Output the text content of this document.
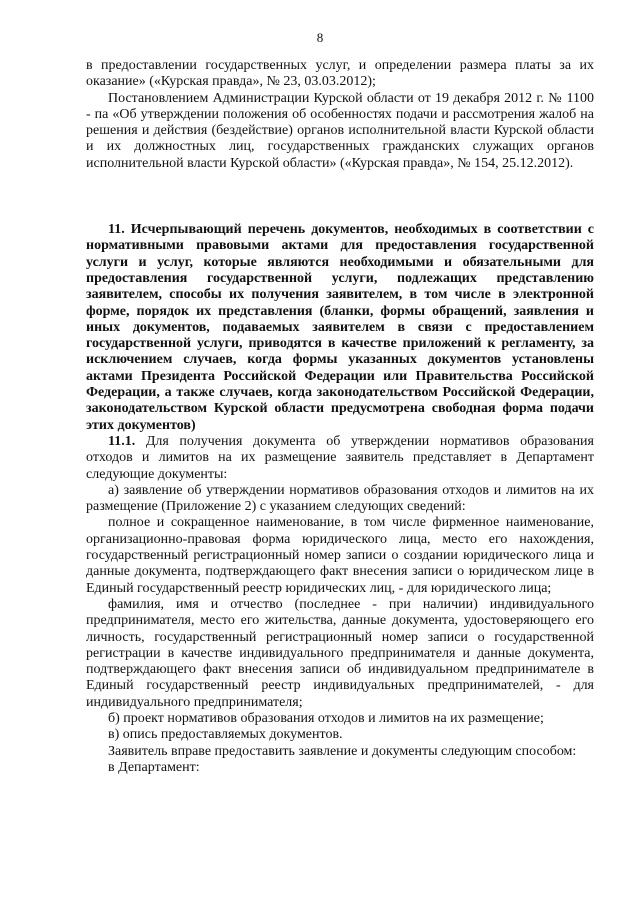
8

в предоставлении государственных услуг, и определении размера платы за их оказание» («Курская правда», № 23, 03.03.2012);

Постановлением Администрации Курской области от 19 декабря 2012 г. № 1100 - па «Об утверждении положения об особенностях подачи и рассмотрения жалоб на решения и действия (бездействие) органов исполнительной власти Курской области и их должностных лиц, государственных гражданских служащих органов исполнительной власти Курской области» («Курская правда», № 154, 25.12.2012).

11. Исчерпывающий перечень документов, необходимых в соответствии с нормативными правовыми актами для предоставления государственной услуги и услуг, которые являются необходимыми и обязательными для предоставления государственной услуги, подлежащих представлению заявителем, способы их получения заявителем, в том числе в электронной форме, порядок их представления (бланки, формы обращений, заявления и иных документов, подаваемых заявителем в связи с предоставлением государственной услуги, приводятся в качестве приложений к регламенту, за исключением случаев, когда формы указанных документов установлены актами Президента Российской Федерации или Правительства Российской Федерации, а также случаев, когда законодательством Российской Федерации, законодательством Курской области предусмотрена свободная форма подачи этих документов)

11.1. Для получения документа об утверждении нормативов образования отходов и лимитов на их размещение заявитель представляет в Департамент следующие документы:

а) заявление об утверждении нормативов образования отходов и лимитов на их размещение (Приложение 2) с указанием следующих сведений:

полное и сокращенное наименование, в том числе фирменное наименование, организационно-правовая форма юридического лица, место его нахождения, государственный регистрационный номер записи о создании юридического лица и данные документа, подтверждающего факт внесения записи о юридическом лице в Единый государственный реестр юридических лиц, - для юридического лица;

фамилия, имя и отчество (последнее - при наличии) индивидуального предпринимателя, место его жительства, данные документа, удостоверяющего его личность, государственный регистрационный номер записи о государственной регистрации в качестве индивидуального предпринимателя и данные документа, подтверждающего факт внесения записи об индивидуальном предпринимателе в Единый государственный реестр индивидуальных предпринимателей, - для индивидуального предпринимателя;

б) проект нормативов образования отходов и лимитов на их размещение;

в) опись предоставляемых документов.

Заявитель вправе предоставить заявление и документы следующим способом:

в Департамент:
